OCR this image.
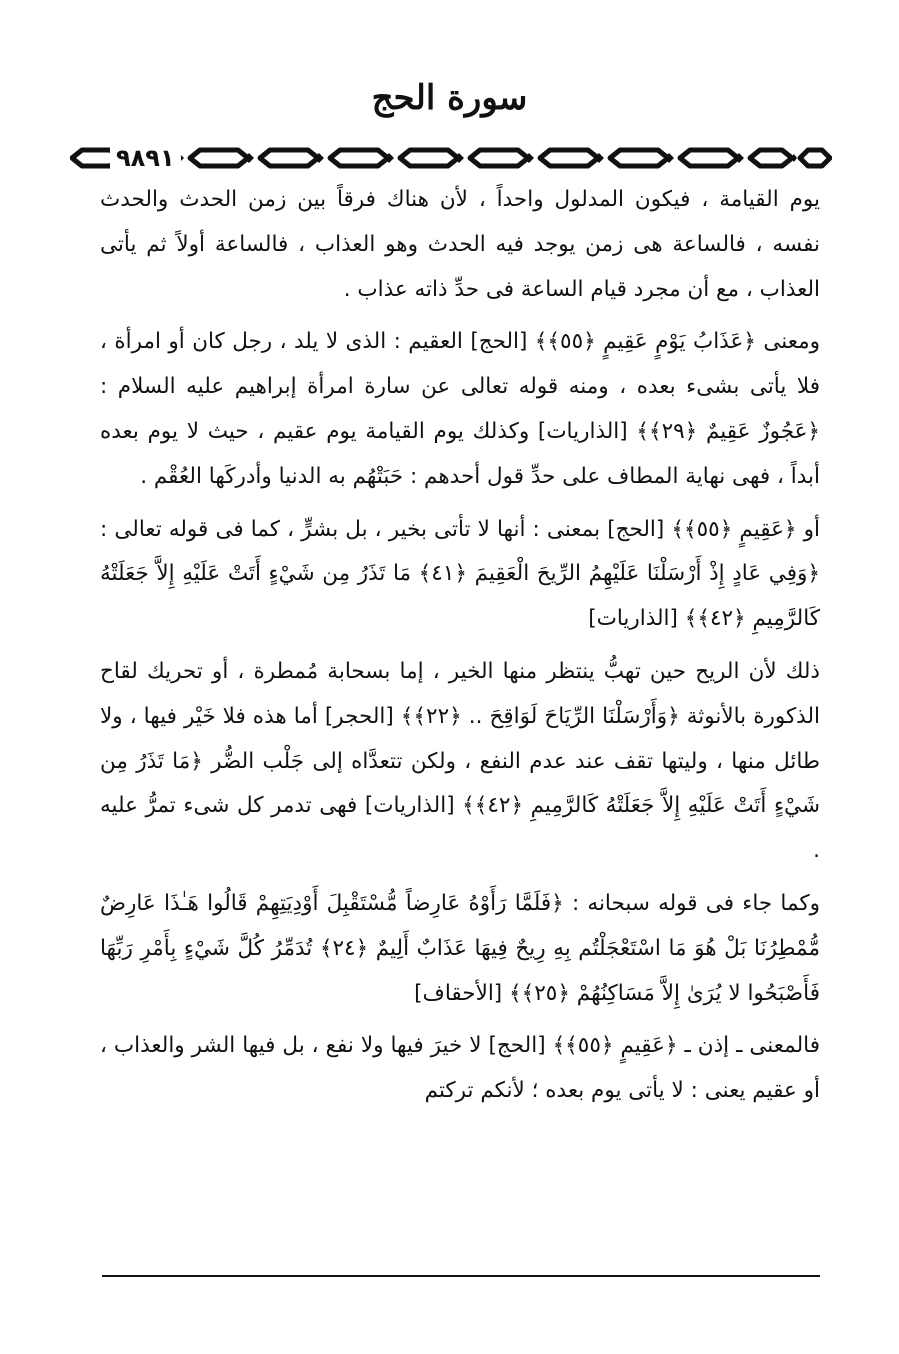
سورة الحج
٩٨٩١

يوم القيامة ، فيكون المدلول واحداً ، لأن هناك فرقاً بين زمن الحدث والحدث نفسه ، فالساعة هى زمن يوجد فيه الحدث وهو العذاب ، فالساعة أولاً ثم يأتى العذاب ، مع أن مجرد قيام الساعة فى حدِّ ذاته عذاب .

ومعنى ﴿عَذَابُ يَوْمٍ عَقِيمٍ ﴿٥٥﴾﴾ [الحج] العقيم : الذى لا يلد ، رجل كان أو امرأة ، فلا يأتى بشىء بعده ، ومنه قوله تعالى عن سارة امرأة إبراهيم عليه السلام : ﴿عَجُوزٌ عَقِيمٌ ﴿٢٩﴾﴾ [الذاريات] وكذلك يوم القيامة يوم عقيم ، حيث لا يوم بعده أبداً ، فهى نهاية المطاف على حدِّ قول أحدهم : حَبَتْهُم به الدنيا وأدركَها العُقْم .

أو ﴿عَقِيمٍ ﴿٥٥﴾﴾ [الحج] بمعنى : أنها لا تأتى بخير ، بل بشرٍّ ، كما فى قوله تعالى : ﴿وَفِي عَادٍ إِذْ أَرْسَلْنَا عَلَيْهِمُ الرِّيحَ الْعَقِيمَ ﴿٤١﴾ مَا تَذَرُ مِن شَيْءٍ أَتَتْ عَلَيْهِ إِلاَّ جَعَلَتْهُ كَالرَّمِيمِ ﴿٤٢﴾﴾ [الذاريات]

ذلك لأن الريح حين تهبُّ ينتظر منها الخير ، إما بسحابة مُمطرة ، أو تحريك لقاح الذكورة بالأنوثة ﴿وَأَرْسَلْنَا الرِّيَاحَ لَوَاقِحَ .. ﴿٢٢﴾﴾ [الحجر] أما هذه فلا خَيْر فيها ، ولا طائل منها ، وليتها تقف عند عدم النفع ، ولكن تتعدَّاه إلى جَلْب الضُّر ﴿مَا تَذَرُ مِن شَيْءٍ أَتَتْ عَلَيْهِ إِلاَّ جَعَلَتْهُ كَالرَّمِيمِ ﴿٤٢﴾﴾ [الذاريات] فهى تدمر كل شىء تمرُّ عليه .

وكما جاء فى قوله سبحانه : ﴿فَلَمَّا رَأَوْهُ عَارِضاً مُّسْتَقْبِلَ أَوْدِيَتِهِمْ قَالُوا هَـٰذَا عَارِضٌ مُّمْطِرُنَا بَلْ هُوَ مَا اسْتَعْجَلْتُم بِهِ رِيحٌ فِيهَا عَذَابٌ أَلِيمٌ ﴿٢٤﴾ تُدَمِّرُ كُلَّ شَيْءٍ بِأَمْرِ رَبِّهَا فَأَصْبَحُوا لا يُرَىٰ إِلاَّ مَسَاكِنُهُمْ ﴿٢٥﴾﴾ [الأحقاف]

فالمعنى ـ إذن ـ ﴿عَقِيمٍ ﴿٥٥﴾﴾ [الحج] لا خيرَ فيها ولا نفع ، بل فيها الشر والعذاب ، أو عقيم يعنى : لا يأتى يوم بعده ؛ لأنكم تركتم
